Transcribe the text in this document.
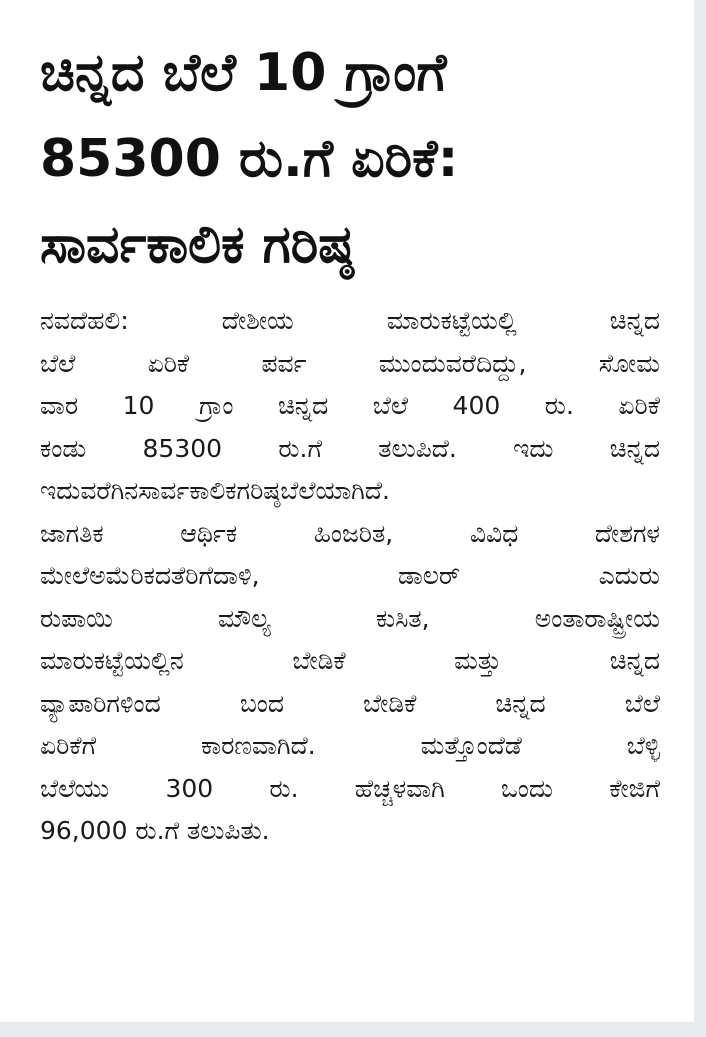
ಚಿನ್ನದ ಬೆಲೆ 10 ಗ್ರಾಂಗೆ
85300 ರು.ಗೆ ಏರಿಕೆ:
ಸಾರ್ವಕಾಲಿಕ ಗರಿಷ್ಠ
ನವದೆಹಲಿ: ದೇಶೀಯ ಮಾರುಕಟ್ಟೆಯಲ್ಲಿ ಚಿನ್ನದ
ಬೆಲೆ ಏರಿಕೆ ಪರ್ವ ಮುಂದುವರೆದಿದ್ದು, ಸೋಮ
ವಾರ 10 ಗ್ರಾಂ ಚಿನ್ನದ ಬೆಲೆ 400 ರು. ಏರಿಕೆ
ಕಂಡು 85300 ರು.ಗೆ ತಲುಪಿದೆ. ಇದು ಚಿನ್ನದ
ಇದುವರೆಗಿನಸಾರ್ವಕಾಲಿಕಗರಿಷ್ಠಬೆಲೆಯಾಗಿದೆ.
ಜಾಗತಿಕ ಆರ್ಥಿಕ ಹಿಂಜರಿತ, ವಿವಿಧ ದೇಶಗಳ
ಮೇಲೆಅಮೆರಿಕದತೆರಿಗೆದಾಳಿ, ಡಾಲರ್ ಎದುರು
ರುಪಾಯಿ ಮೌಲ್ಯ ಕುಸಿತ, ಅಂತಾರಾಷ್ಟ್ರೀಯ
ಮಾರುಕಟ್ಟೆಯಲ್ಲಿನ ಬೇಡಿಕೆ ಮತ್ತು ಚಿನ್ನದ
ವ್ಯಾಪಾರಿಗಳಿಂದ ಬಂದ ಬೇಡಿಕೆ ಚಿನ್ನದ ಬೆಲೆ
ಏರಿಕೆಗೆ ಕಾರಣವಾಗಿದೆ. ಮತ್ತೊಂದೆಡೆ ಬೆಳ್ಳಿ
ಬೆಲೆಯು 300 ರು. ಹೆಚ್ಚಳವಾಗಿ ಒಂದು ಕೇಜಿಗೆ
96,000 ರು.ಗೆ ತಲುಪಿತು.
